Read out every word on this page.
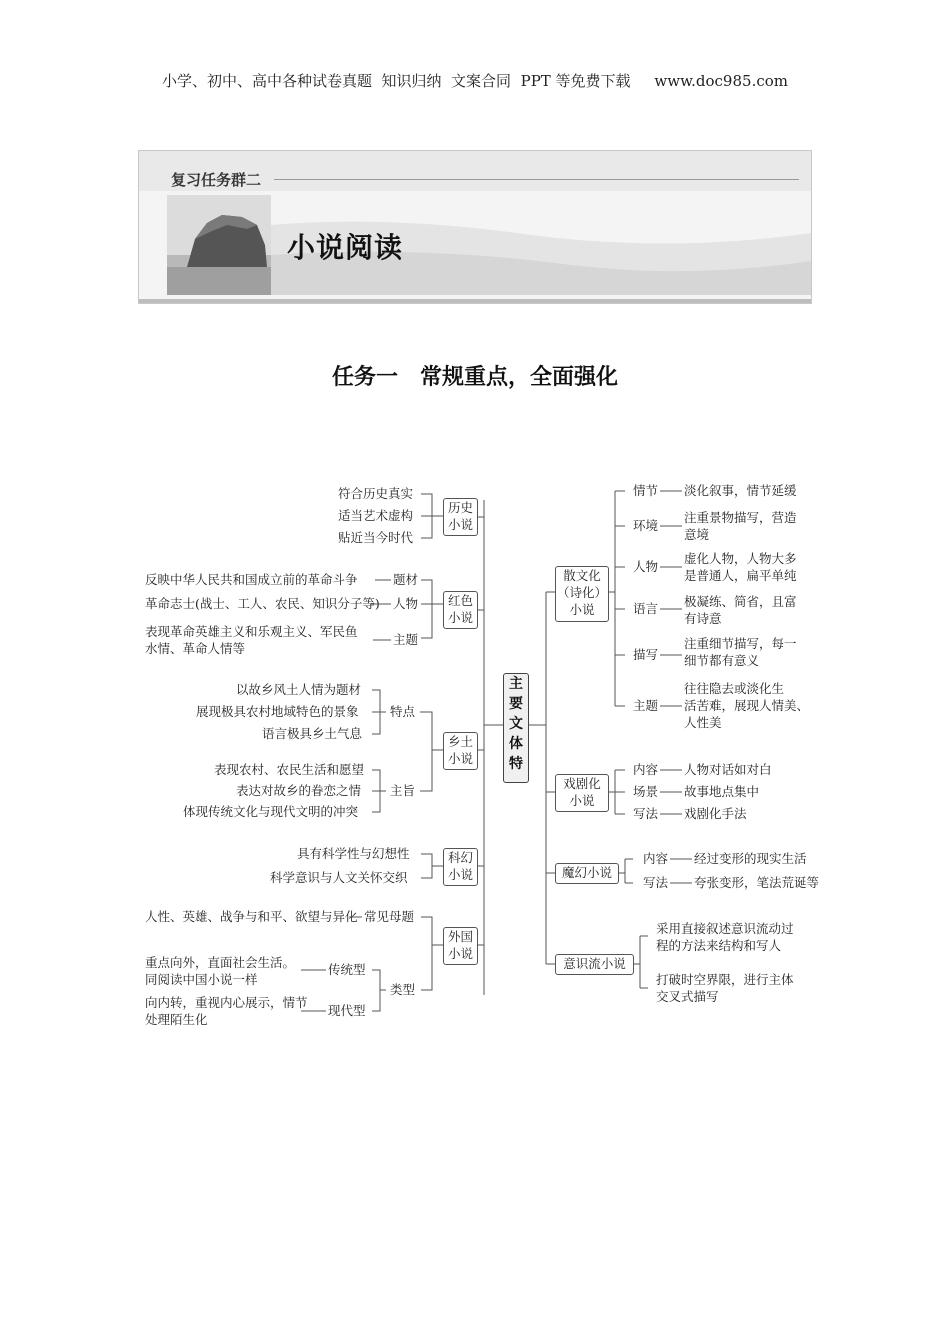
小学、初中、高中各种试卷真题  知识归纳  文案合同  PPT 等免费下载     www.doc985.com
复习任务群二
小说阅读
任务一　常规重点，全面强化
主
要
文
体
特
符合历史真实
适当艺术虚构
贴近当今时代
历史
小说
反映中华人民共和国成立前的革命斗争	题材
革命志士(战士、工人、农民、知识分子等) 人物
表现革命英雄主义和乐观主义、军民鱼
水情、革命人情等
主题
红色
小说
以故乡风土人情为题材
展现极具农村地域特色的景象
语言极具乡土气息
特点
表现农村、农民生活和愿望
表达对故乡的眷恋之情
体现传统文化与现代文明的冲突
主旨
乡土
小说
具有科学性与幻想性
科学意识与人文关怀交织
科幻
小说
人性、英雄、战争与和平、欲望与异化 常见母题
重点向外，直面社会生活。
同阅读中国小说一样
传统型
向内转，重视内心展示，情节
处理陌生化
现代型
类型
外国
小说
散文化
（诗化）
小说
情节 淡化叙事，情节延缓
环境
注重景物描写，营造
意境
人物
虚化人物，人物大多
是普通人，扁平单纯
语言 极凝练、简省，且富
有诗意
描写
注重细节描写，每一
细节都有意义
主题
往往隐去或淡化生
活苦难，展现人情美、
人性美
戏剧化
小说
内容 人物对话如对白
场景 故事地点集中
写法 戏剧化手法
魔幻小说
内容 经过变形的现实生活
写法 夸张变形，笔法荒诞等
意识流小说
采用直接叙述意识流动过
程的方法来结构和写人
打破时空界限，进行主体
交叉式描写
